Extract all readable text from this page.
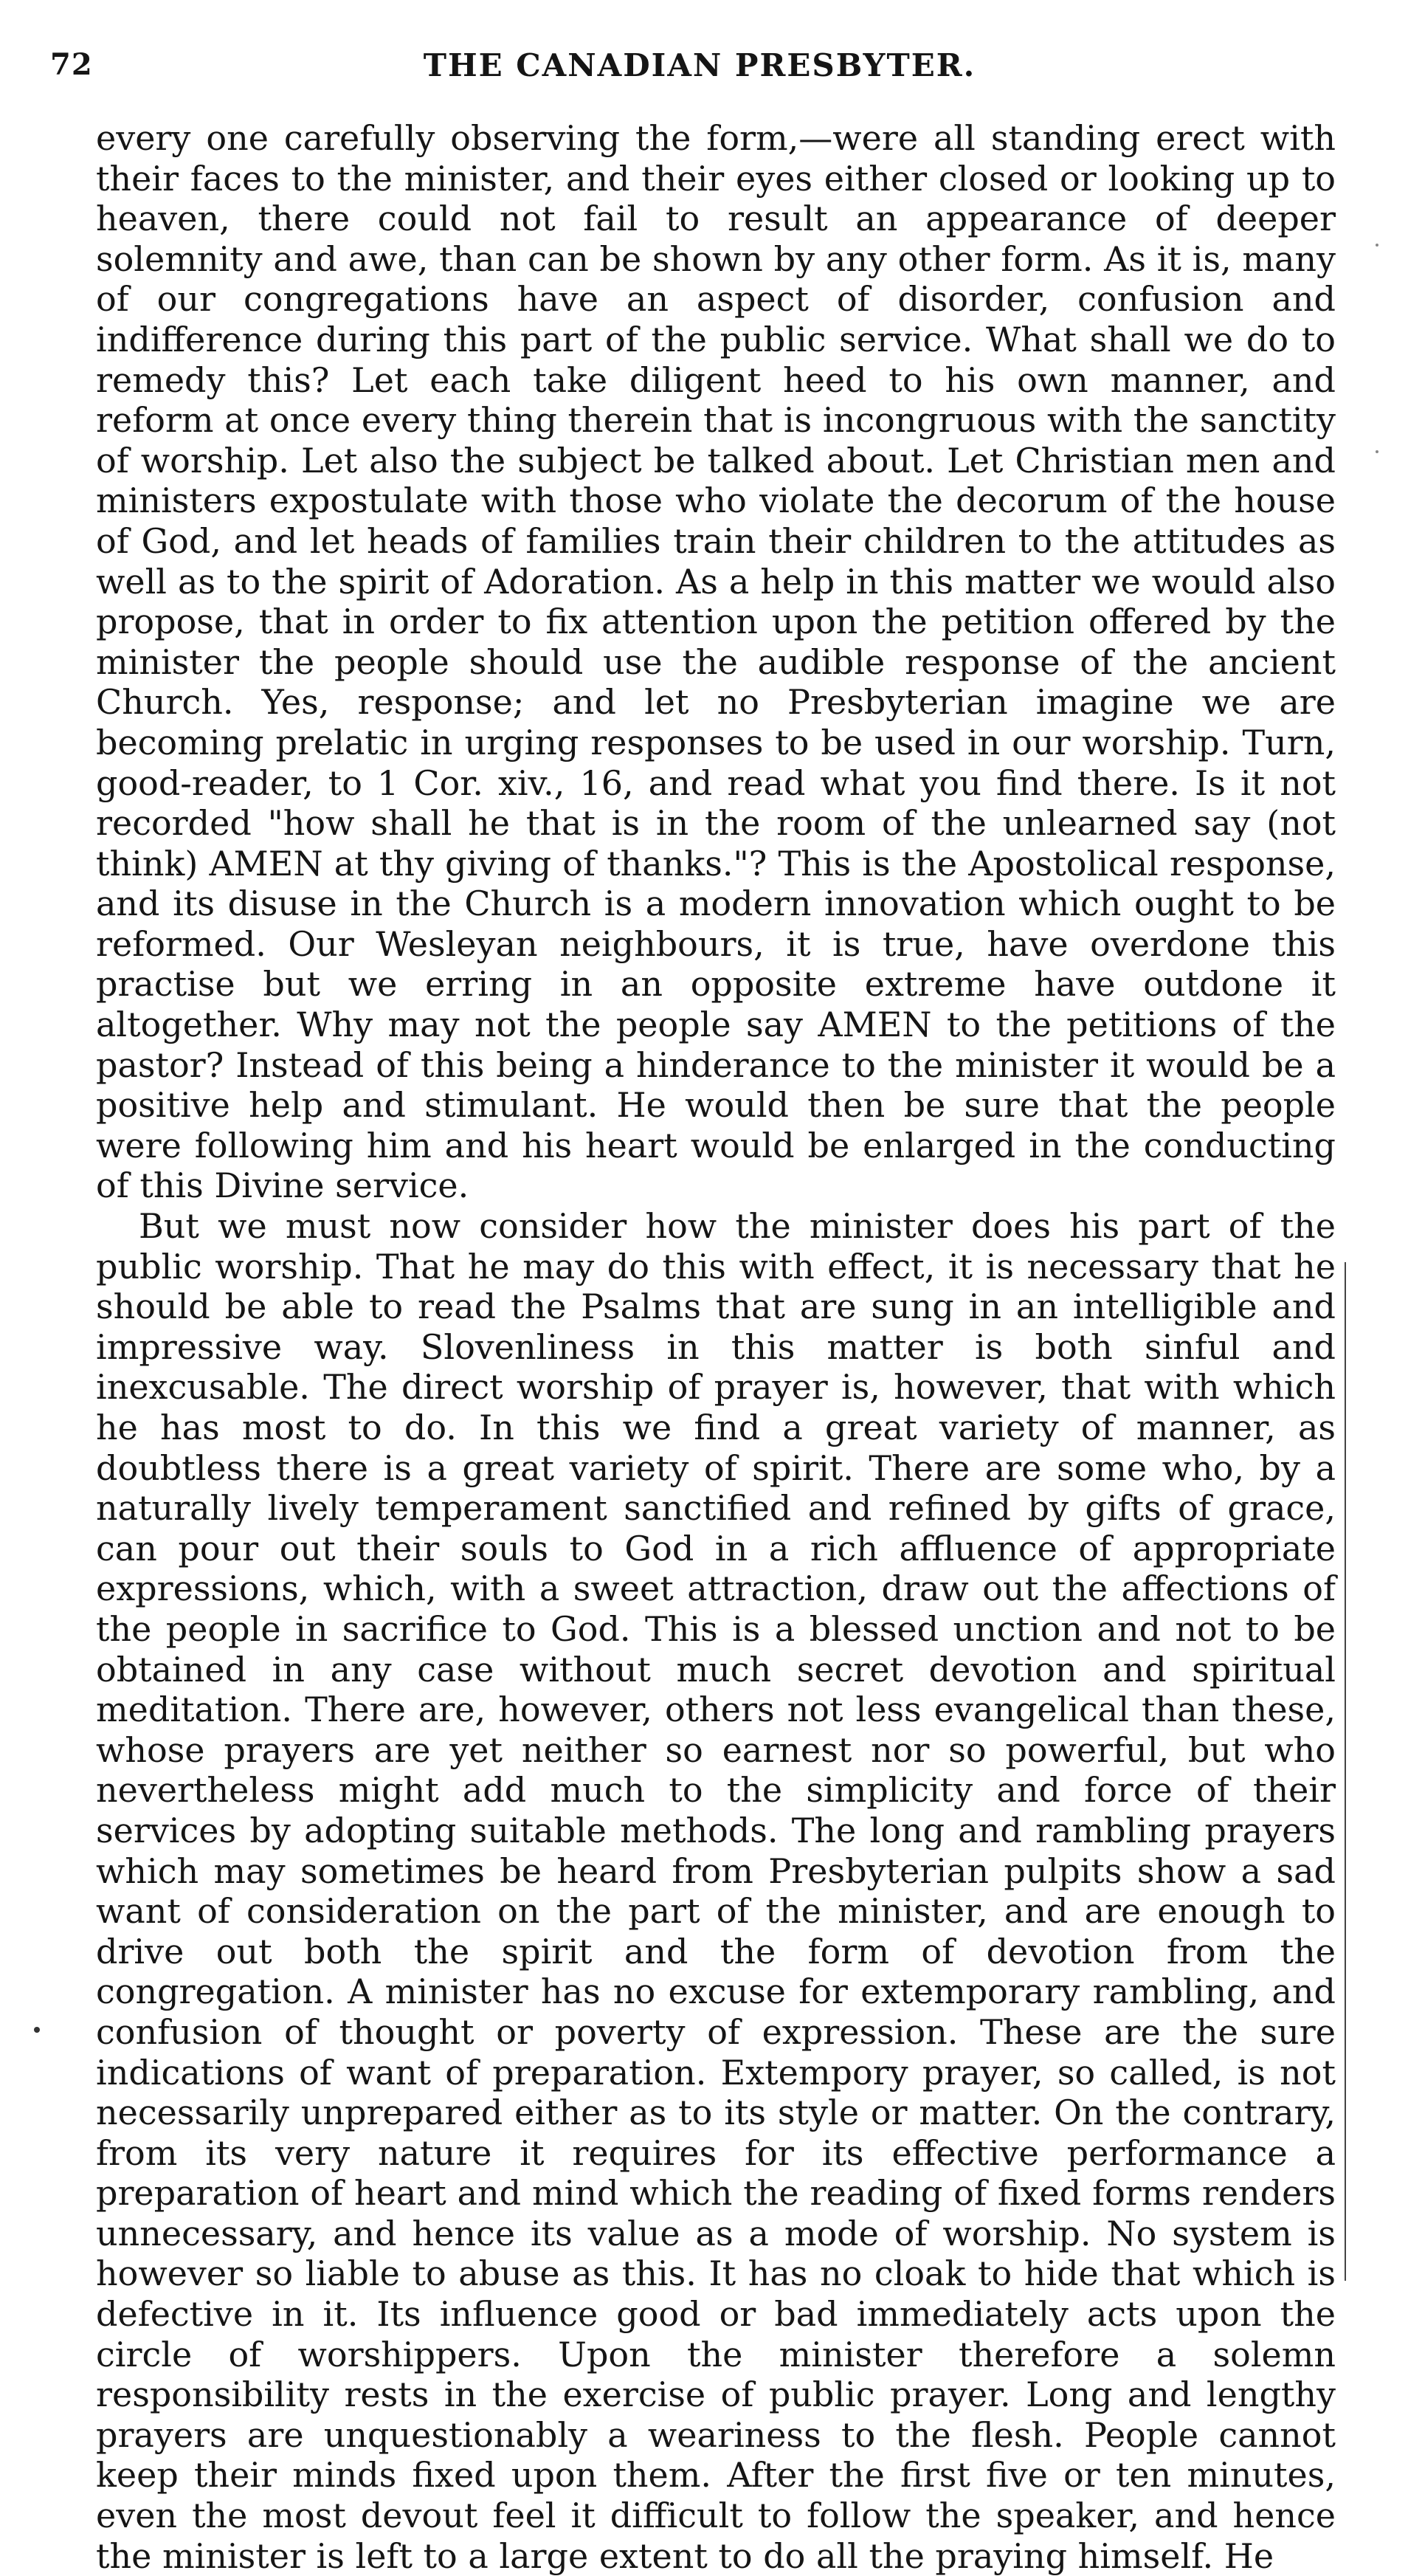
72	THE CANADIAN PRESBYTER.

every one carefully observing the form,—were all standing erect with their faces to the minister, and their eyes either closed or looking up to heaven, there could not fail to result an appearance of deeper solemnity and awe, than can be shown by any other form. As it is, many of our congregations have an aspect of disorder, confusion and indifference during this part of the public service. What shall we do to remedy this? Let each take diligent heed to his own manner, and reform at once every thing therein that is incongruous with the sanctity of worship. Let also the subject be talked about. Let Christian men and ministers expostulate with those who violate the decorum of the house of God, and let heads of families train their children to the attitudes as well as to the spirit of Adoration. As a help in this matter we would also propose, that in order to fix attention upon the petition offered by the minister the people should use the audible response of the ancient Church. Yes, response; and let no Presbyterian imagine we are becoming prelatic in urging responses to be used in our worship. Turn, good-reader, to 1 Cor. xiv., 16, and read what you find there. Is it not recorded "how shall he that is in the room of the unlearned say (not think) AMEN at thy giving of thanks."? This is the Apostolical response, and its disuse in the Church is a modern innovation which ought to be reformed. Our Wesleyan neighbours, it is true, have overdone this practise but we erring in an opposite extreme have outdone it altogether. Why may not the people say AMEN to the petitions of the pastor? Instead of this being a hinderance to the minister it would be a positive help and stimulant. He would then be sure that the people were following him and his heart would be enlarged in the conducting of this Divine service.

But we must now consider how the minister does his part of the public worship. That he may do this with effect, it is necessary that he should be able to read the Psalms that are sung in an intelligible and impressive way. Slovenliness in this matter is both sinful and inexcusable. The direct worship of prayer is, however, that with which he has most to do. In this we find a great variety of manner, as doubtless there is a great variety of spirit. There are some who, by a naturally lively temperament sanctified and refined by gifts of grace, can pour out their souls to God in a rich affluence of appropriate expressions, which, with a sweet attraction, draw out the affections of the people in sacrifice to God. This is a blessed unction and not to be obtained in any case without much secret devotion and spiritual meditation. There are, however, others not less evangelical than these, whose prayers are yet neither so earnest nor so powerful, but who nevertheless might add much to the simplicity and force of their services by adopting suitable methods. The long and rambling prayers which may sometimes be heard from Presbyterian pulpits show a sad want of consideration on the part of the minister, and are enough to drive out both the spirit and the form of devotion from the congregation. A minister has no excuse for extemporary rambling, and confusion of thought or poverty of expression. These are the sure indications of want of preparation. Extempory prayer, so called, is not necessarily unprepared either as to its style or matter. On the contrary, from its very nature it requires for its effective performance a preparation of heart and mind which the reading of fixed forms renders unnecessary, and hence its value as a mode of worship. No system is however so liable to abuse as this. It has no cloak to hide that which is defective in it. Its influence good or bad immediately acts upon the circle of worshippers. Upon the minister therefore a solemn responsibility rests in the exercise of public prayer. Long and lengthy prayers are unquestionably a weariness to the flesh. People cannot keep their minds fixed upon them. After the first five or ten minutes, even the most devout feel it difficult to follow the speaker, and hence the minister is left to a large extent to do all the praying himself. He
